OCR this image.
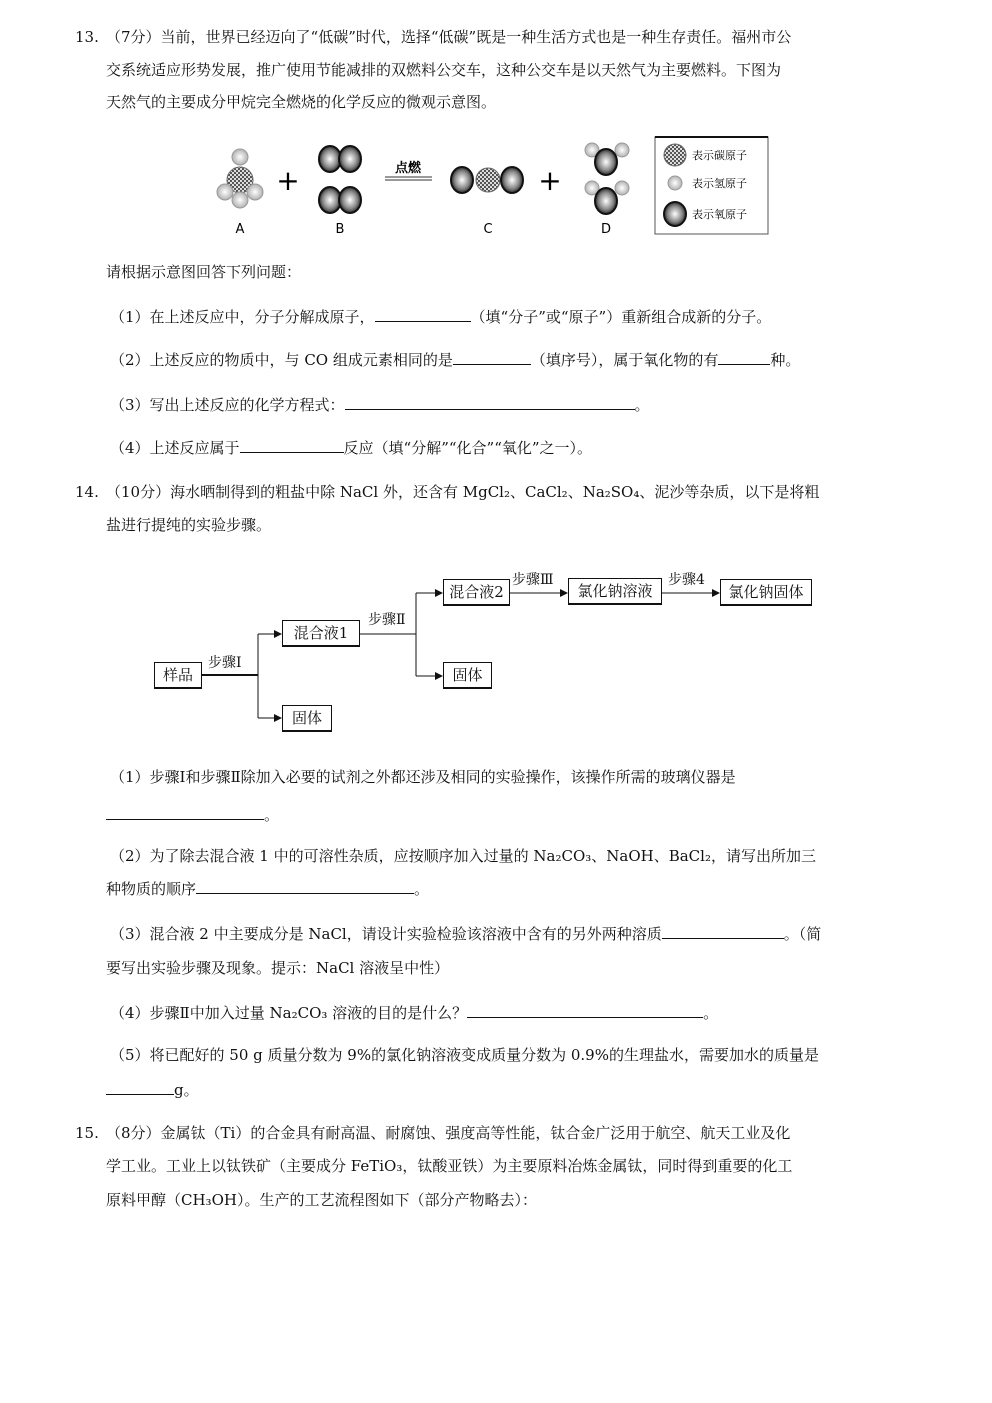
13. （7分）当前，世界已经迈向了“低碳”时代，选择“低碳”既是一种生活方式也是一种生存责任。福州市公
交系统适应形势发展，推广使用节能减排的双燃料公交车，这种公交车是以天然气为主要燃料。下图为
天然气的主要成分甲烷完全燃烧的化学反应的微观示意图。
+	点燃	+
A	B	C	D
表示碳原子
表示氢原子
表示氧原子
请根据示意图回答下列问题：
（1）在上述反应中，分子分解成原子，	（填“分子”或“原子”）重新组合成新的分子。
（2）上述反应的物质中，与 CO 组成元素相同的是	（填序号），属于氧化物的有	种。
（3）写出上述反应的化学方程式：	。
（4）上述反应属于	反应（填“分解”“化合”“氧化”之一）。
14. （10分）海水晒制得到的粗盐中除 NaCl 外，还含有 MgCl₂、CaCl₂、Na₂SO₄、泥沙等杂质，以下是将粗
盐进行提纯的实验步骤。
样品
混合液1
固体
混合液2
固体
氯化钠溶液	氯化钠固体
步骤Ⅰ
步骤Ⅱ
步骤Ⅲ	步骤4
（1）步骤Ⅰ和步骤Ⅱ除加入必要的试剂之外都还涉及相同的实验操作，该操作所需的玻璃仪器是
。
（2）为了除去混合液 1 中的可溶性杂质，应按顺序加入过量的 Na₂CO₃、NaOH、BaCl₂，请写出所加三
种物质的顺序	。
（3）混合液 2 中主要成分是 NaCl，请设计实验检验该溶液中含有的另外两种溶质	。（简
要写出实验步骤及现象。提示：NaCl 溶液呈中性）
（4）步骤Ⅱ中加入过量 Na₂CO₃ 溶液的目的是什么？	。
（5）将已配好的 50 g 质量分数为 9%的氯化钠溶液变成质量分数为 0.9%的生理盐水，需要加水的质量是
g。
15. （8分）金属钛（Ti）的合金具有耐高温、耐腐蚀、强度高等性能，钛合金广泛用于航空、航天工业及化
学工业。工业上以钛铁矿（主要成分 FeTiO₃，钛酸亚铁）为主要原料冶炼金属钛，同时得到重要的化工
原料甲醇（CH₃OH）。生产的工艺流程图如下（部分产物略去）：
